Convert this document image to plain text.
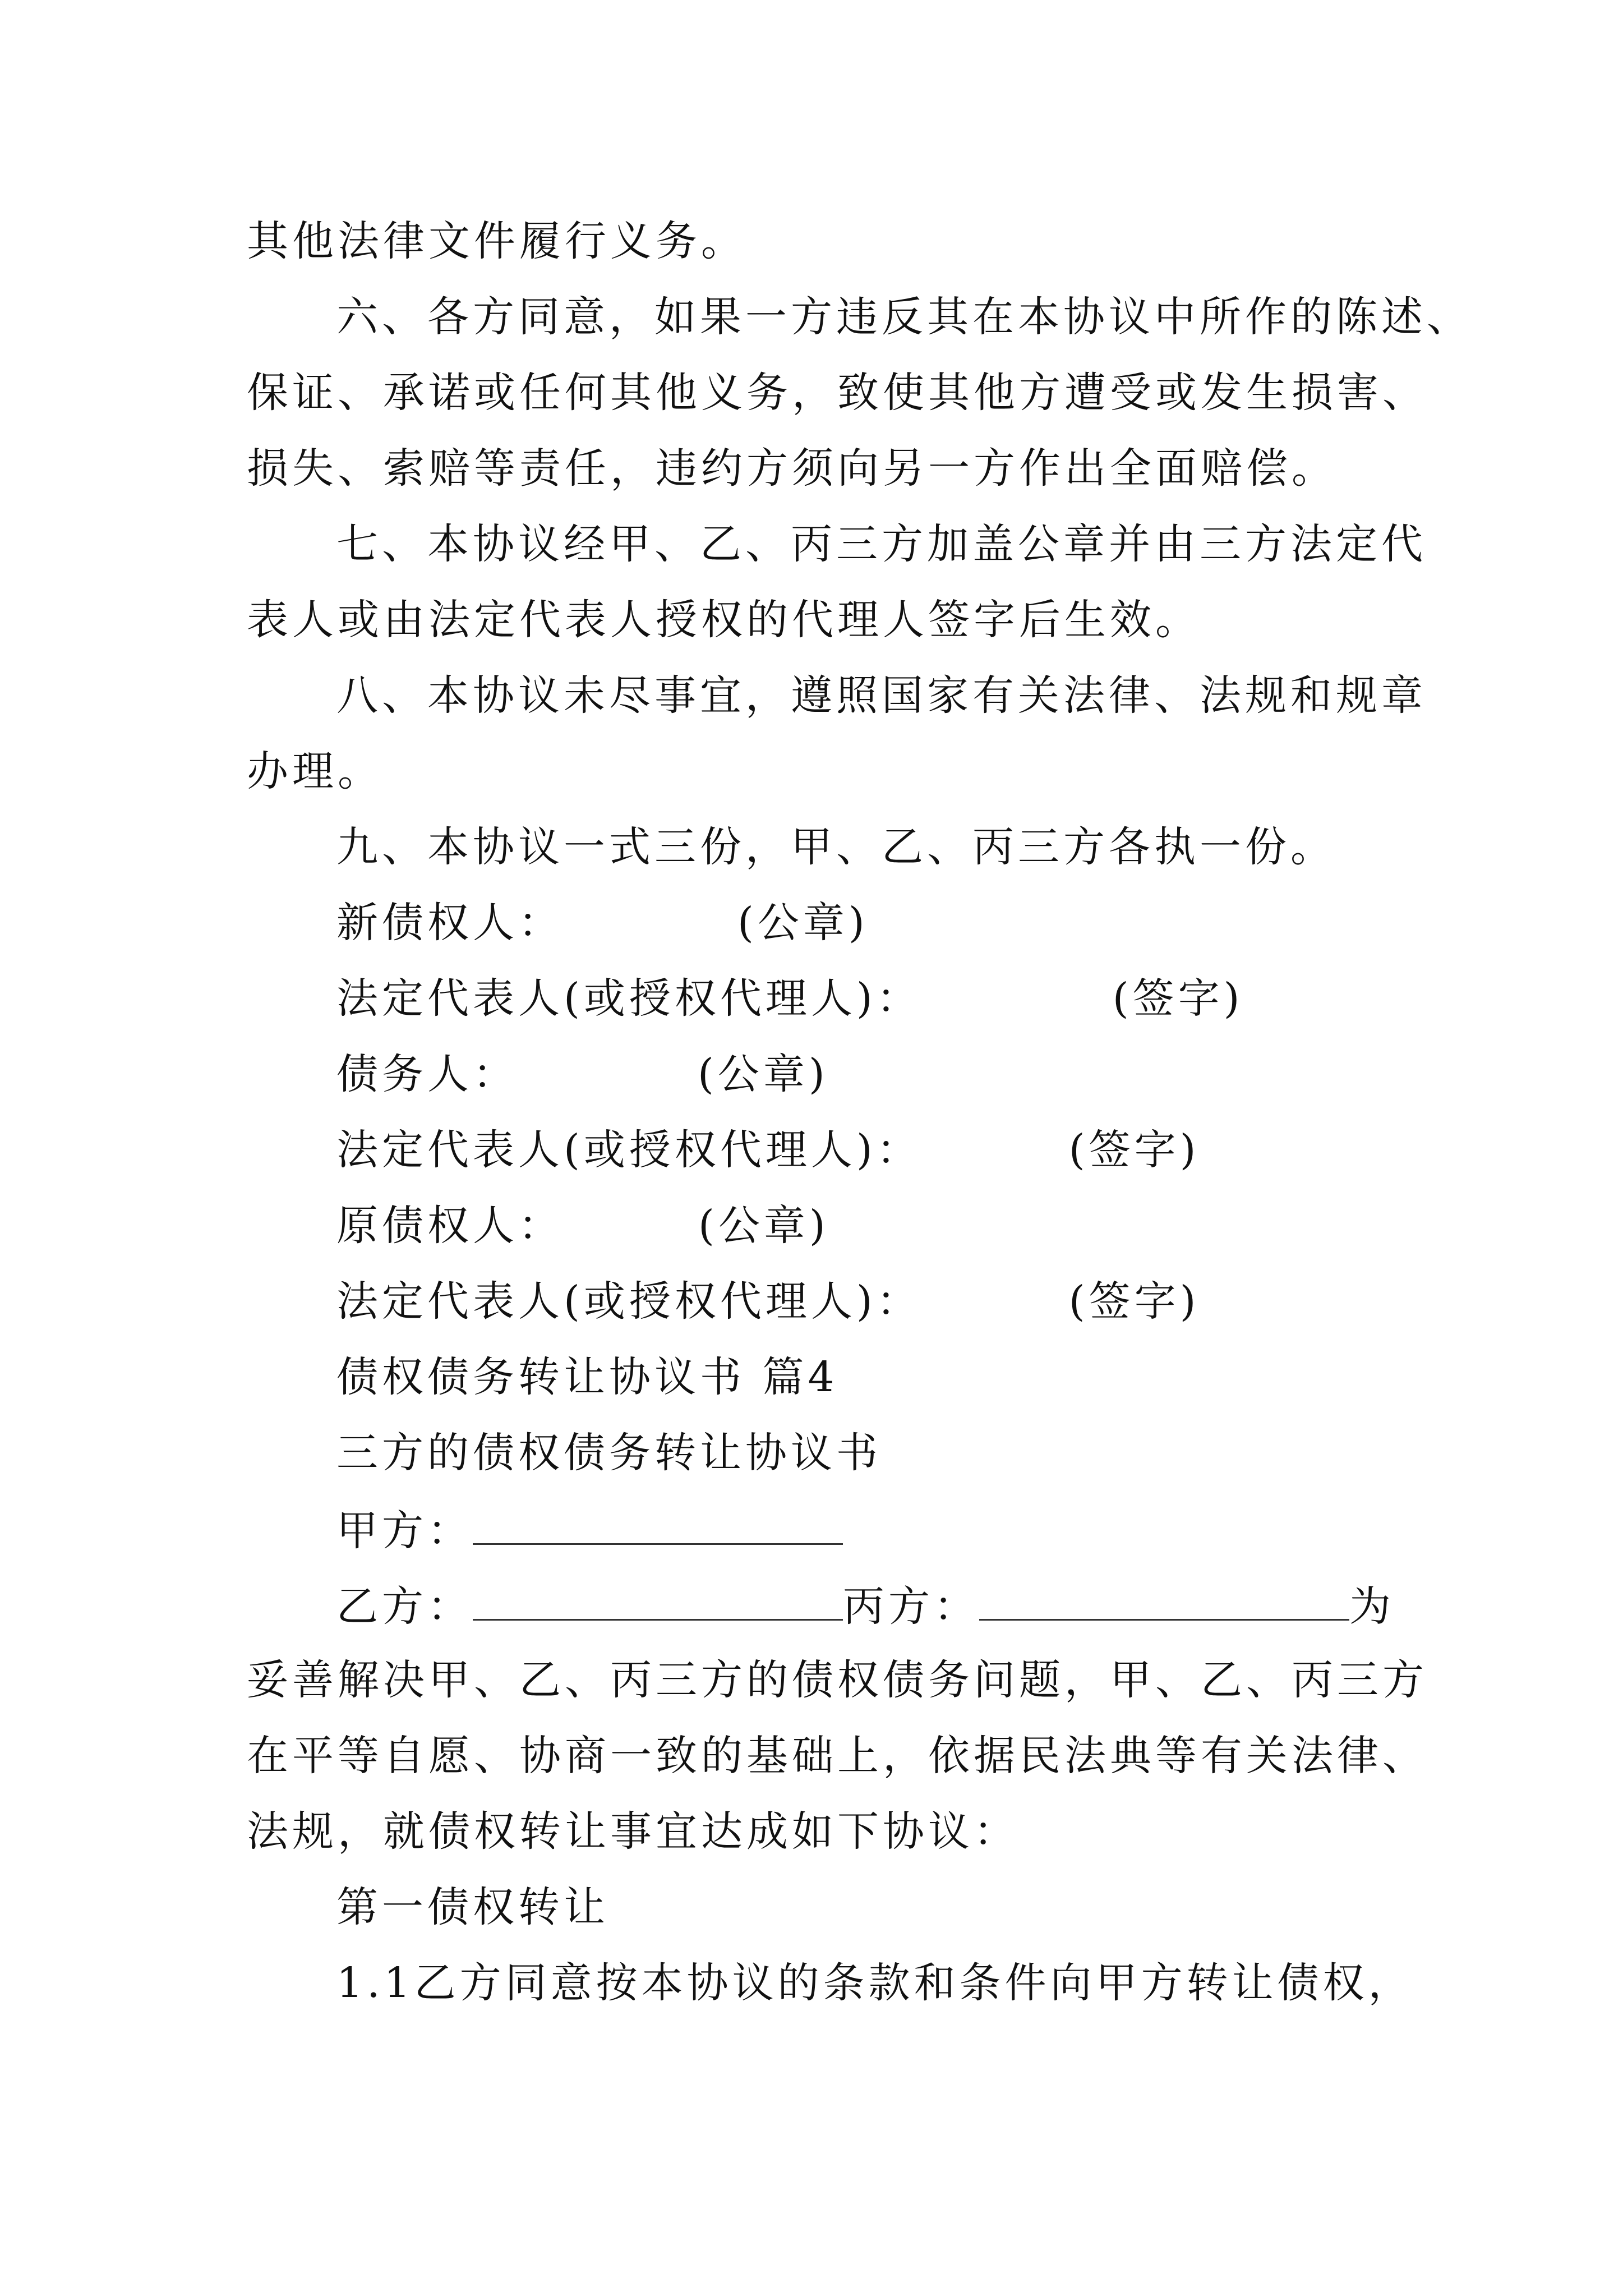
其他法律文件履行义务。
六、各方同意，如果一方违反其在本协议中所作的陈述、
保证、承诺或任何其他义务，致使其他方遭受或发生损害、
损失、索赔等责任，违约方须向另一方作出全面赔偿。
七、本协议经甲、乙、丙三方加盖公章并由三方法定代
表人或由法定代表人授权的代理人签字后生效。
八、本协议未尽事宜，遵照国家有关法律、法规和规章
办理。
九、本协议一式三份，甲、乙、丙三方各执一份。
新债权人：	(公章)
法定代表人(或授权代理人)：	(签字)
债务人：	(公章)
法定代表人(或授权代理人)：	(签字)
原债权人：	(公章)
法定代表人(或授权代理人)：	(签字)
债权债务转让协议书 篇4
三方的债权债务转让协议书
甲方：
乙方：	丙方：	为
妥善解决甲、乙、丙三方的债权债务问题，甲、乙、丙三方
在平等自愿、协商一致的基础上，依据民法典等有关法律、
法规，就债权转让事宜达成如下协议：
第一债权转让
1.1乙方同意按本协议的条款和条件向甲方转让债权，
